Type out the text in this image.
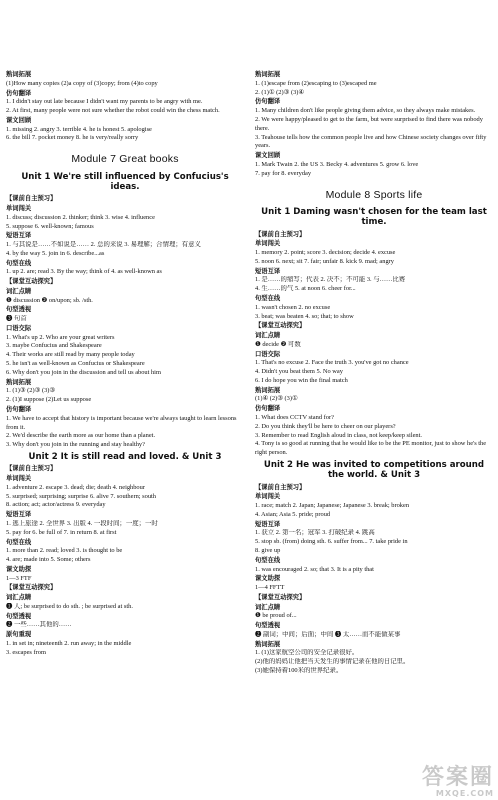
熟词拓展
(1)How many copies (2)a copy of (3)copy; from (4)to copy
仿句翻译
1. I didn't stay out late because I didn't want my parents to be angry with me.
2. At first, many people were not sure whether the robot could win the chess match.
课文回顾
1. missing 2. angry 3. terrible 4. he is honest 5. apologise
6. the bill 7. pocket money 8. he is very/really sorry
Module 7 Great books
Unit 1 We're still influenced by Confucius's ideas.
【课前自主预习】
单词闯关
1. discuss; discussion 2. thinker; think 3. wise 4. influence
5. suppose 6. well-known; famous
短语互译
1. 与其说是……不如说是…… 2. 总的来说 3. 易理解；合情理；有意义
4. by the way 5. join in 6. describe...as
句型在线
1. up 2. are; read 3. By the way; think of 4. as well-known as
【课堂互动探究】
词汇点睛
❶ discussion ❷ on/upon; sb. /sth.
句型透视
❸ 句首
口语交际
1. What's up 2. Who are your great writers
3. maybe Confucius and Shakespeare
4. Their works are still read by many people today
5. he isn't as well-known as Confucius or Shakespeare
6. Why don't you join in the discussion and tell us about him
熟词拓展
1. (1)③ (2)③ (3)③
2. (1)I suppose (2)Let us suppose
仿句翻译
1. We have to accept that history is important because we're always taught to learn lessons from it.
2. We'd describe the earth more as our home than a planet.
3. Why don't you join in the running and stay healthy?
Unit 2 It is still read and loved. & Unit 3
【课前自主预习】
单词闯关
1. adventure 2. escape 3. dead; die; death 4. neighbour
5. surprised; surprising; surprise 6. alive 7. southern; south
8. action; act; actor/actress 9. everyday
短语互译
1. 逃上旅途 2. 全世界 3. 出版 4. 一段时间；一度；一时
5. pay for 6. be full of 7. in return 8. at first
句型在线
1. more than 2. read; loved 3. is thought to be
4. are; made into 5. Some; others
课文助探
1—3 FTF
【课堂互动探究】
词汇点睛
❶ 人; be surprised to do sth. ; be surprised at sth.
句型透视
❷ 一些……其他的……
原句重现
1. in set in; nineteenth 2. run away; in the middle
3. escapes from
熟词拓展
1. (1)escape from (2)escaping to (3)escaped me
2. (1)① (2)③ (3)④
仿句翻译
1. Many children don't like people giving them advice, so they always make mistakes.
2. We were happy/pleased to get to the farm, but were surprised to find there was nobody there.
3. Teahouse tells how the common people live and how Chinese society changes over fifty years.
课文回顾
1. Mark Twain 2. the US 3. Becky 4. adventures 5. grow 6. love
7. pay for 8. everyday
Module 8 Sports life
Unit 1 Daming wasn't chosen for the team last time.
【课前自主预习】
单词闯关
1. memory 2. point; score 3. decision; decide 4. excuse
5. noon 6. next; sit 7. fair; unfair 8. kick 9. mad; angry
短语互译
1. 是……的缩写；代表 2. 决不；不可能 3. 与……比赛
4. 生……的气 5. at noon 6. cheer for...
句型在线
1. wasn't chosen 2. no excuse
3. beat; was beaten 4. so; that; to show
【课堂互动探究】
词汇点睛
❶ decide ❷ 可数
口语交际
1. That's no excuse 2. Face the truth 3. you've got no chance
4. Didn't you beat them 5. No way
6. I do hope you win the final match
熟词拓展
(1)④ (2)③ (3)①
仿句翻译
1. What does CCTV stand for?
2. Do you think they'll be here to cheer on our players?
3. Remember to read English aloud in class, not keep/keep silent.
4. Tony is so good at running that he would like to be the PE monitor, just to show he's the right person.
Unit 2 He was invited to competitions around the world. & Unit 3
【课前自主预习】
单词闯关
1. race; match 2. Japan; Japanese; Japanese 3. break; broken
4. Asian; Asia 5. pride; proud
短语互译
1. 获立 2. 第一名；冠军 3. 打破纪录 4. 跳高
5. stop sb. (from) doing sth. 6. suffer from... 7. take pride in
8. give up
句型在线
1. was encouraged 2. so; that 3. It is a pity that
课文助探
1—4 FFTT
【课堂互动探究】
词汇点睛
❶ be proud of...
句型透视
❷ 副词；中间；后面；中间 ❸ 太……而不能做某事
熟词拓展
1. (1)这家航空公司的安全记录很好。
(2)他的妈妈让他把当天发生的事情记录在他的日记里。
(3)她保持着100米的世界纪录。
答案圈
MXQE.COM
